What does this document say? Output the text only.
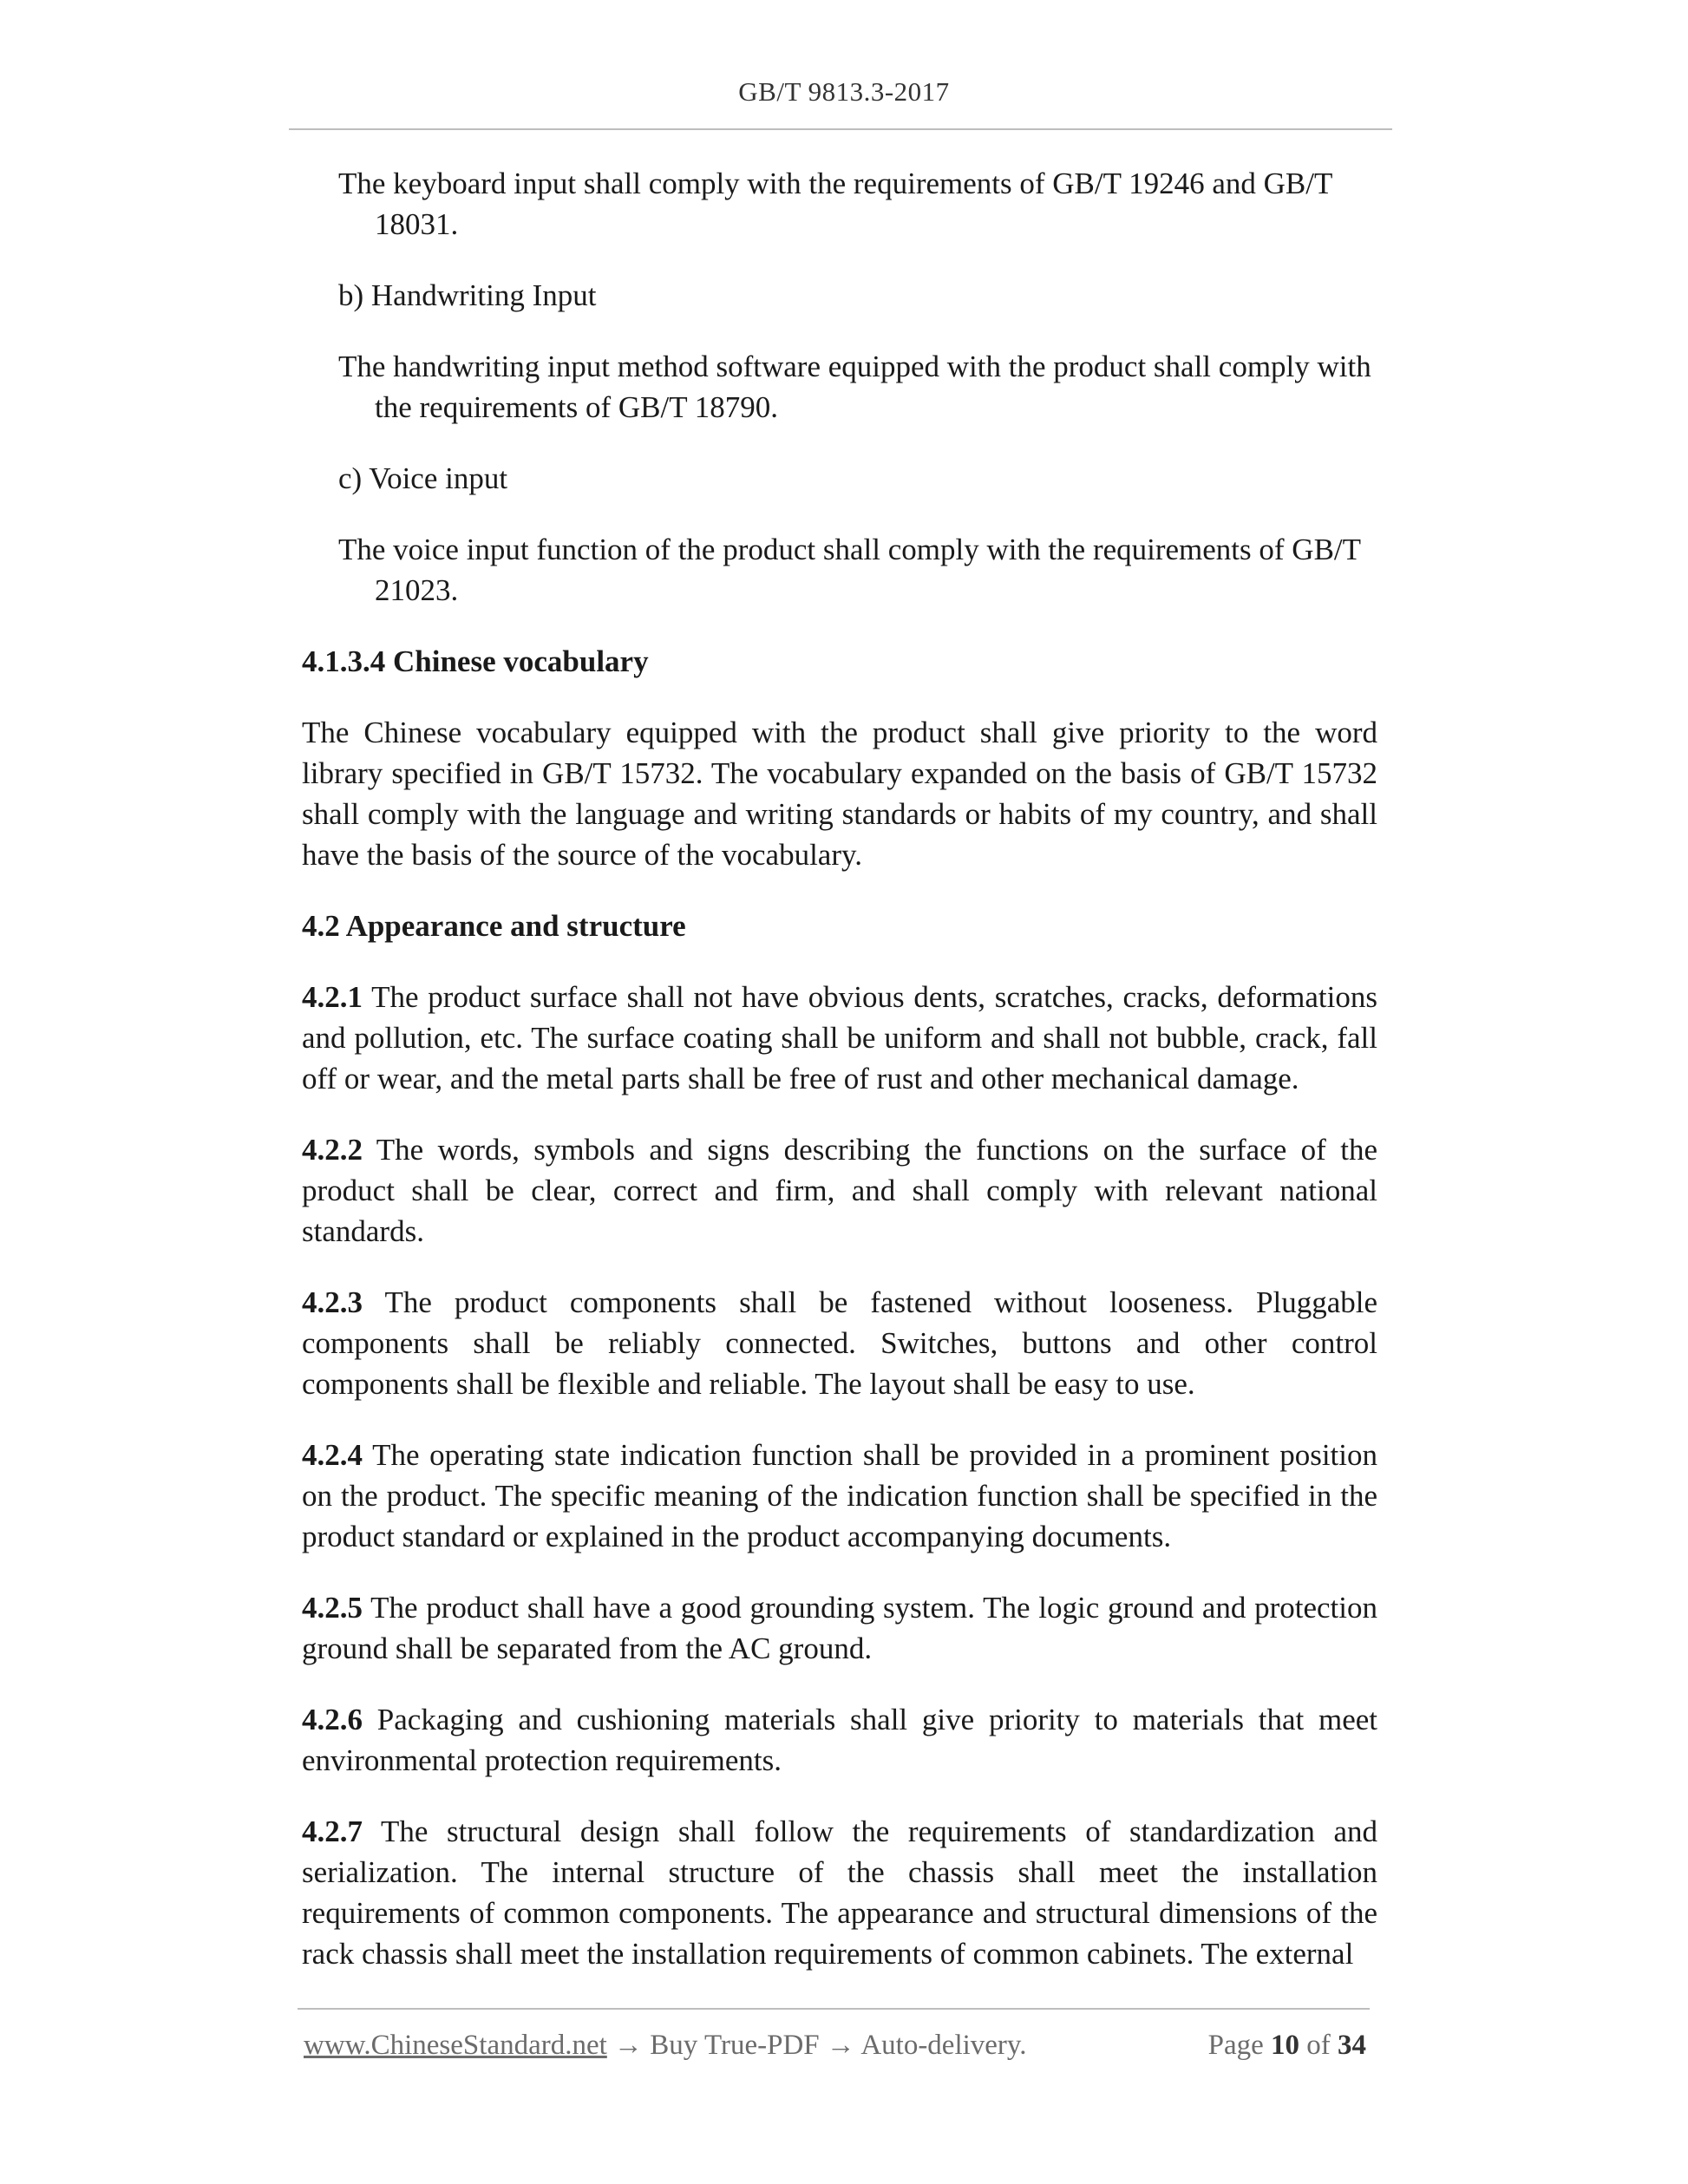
GB/T 9813.3-2017

The keyboard input shall comply with the requirements of GB/T 19246 and GB/T 18031.

b) Handwriting Input

The handwriting input method software equipped with the product shall comply with the requirements of GB/T 18790.

c) Voice input

The voice input function of the product shall comply with the requirements of GB/T 21023.

4.1.3.4 Chinese vocabulary

The Chinese vocabulary equipped with the product shall give priority to the word library specified in GB/T 15732. The vocabulary expanded on the basis of GB/T 15732 shall comply with the language and writing standards or habits of my country, and shall have the basis of the source of the vocabulary.

4.2 Appearance and structure

4.2.1 The product surface shall not have obvious dents, scratches, cracks, deformations and pollution, etc. The surface coating shall be uniform and shall not bubble, crack, fall off or wear, and the metal parts shall be free of rust and other mechanical damage.

4.2.2 The words, symbols and signs describing the functions on the surface of the product shall be clear, correct and firm, and shall comply with relevant national standards.

4.2.3 The product components shall be fastened without looseness. Pluggable components shall be reliably connected. Switches, buttons and other control components shall be flexible and reliable. The layout shall be easy to use.

4.2.4 The operating state indication function shall be provided in a prominent position on the product. The specific meaning of the indication function shall be specified in the product standard or explained in the product accompanying documents.

4.2.5 The product shall have a good grounding system. The logic ground and protection ground shall be separated from the AC ground.

4.2.6 Packaging and cushioning materials shall give priority to materials that meet environmental protection requirements.

4.2.7 The structural design shall follow the requirements of standardization and serialization. The internal structure of the chassis shall meet the installation requirements of common components. The appearance and structural dimensions of the rack chassis shall meet the installation requirements of common cabinets. The external

www.ChineseStandard.net → Buy True-PDF → Auto-delivery.	Page 10 of 34
